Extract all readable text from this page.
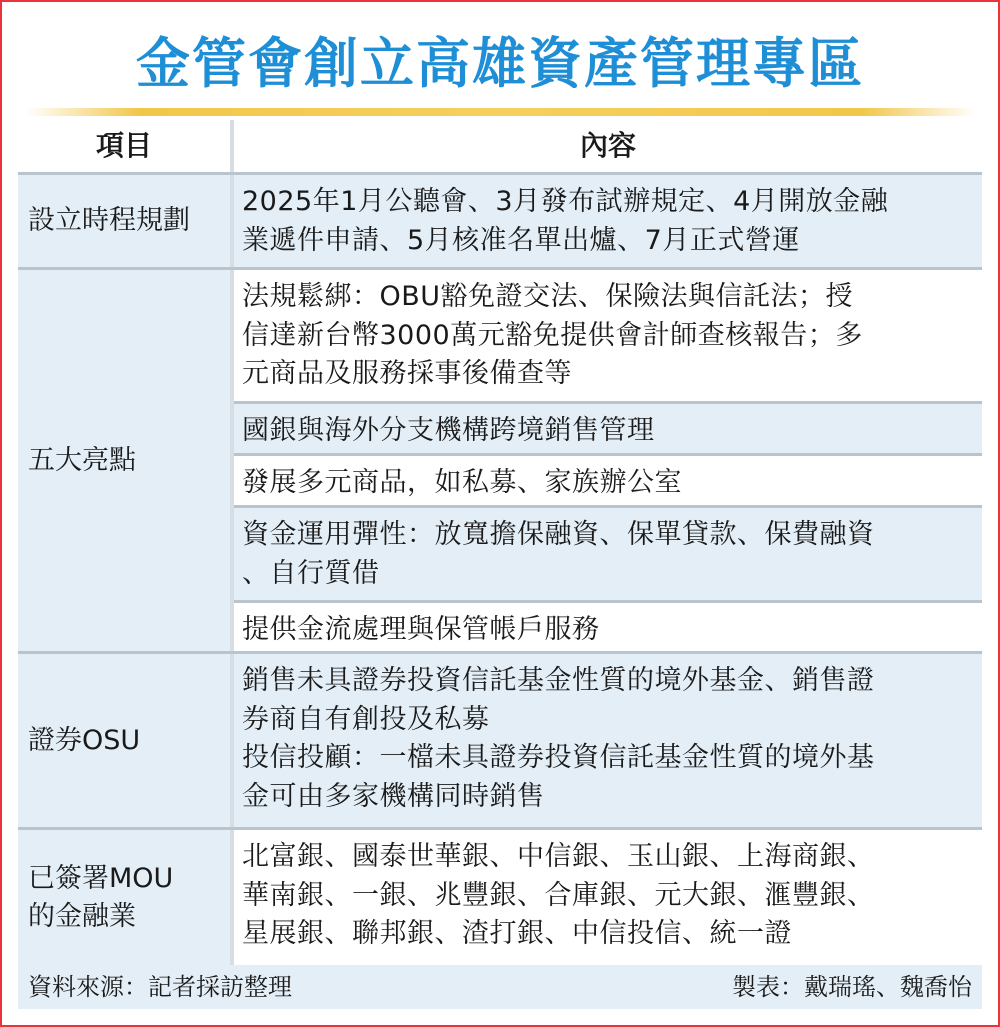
金管會創立高雄資產管理專區
項目	內容
設立時程規劃
2025年1月公聽會、3月發布試辦規定、4月開放金融
業遞件申請、5月核准名單出爐、7月正式營運
五大亮點
法規鬆綁：OBU豁免證交法、保險法與信託法；授
信達新台幣3000萬元豁免提供會計師查核報告；多
元商品及服務採事後備查等
國銀與海外分支機構跨境銷售管理
發展多元商品，如私募、家族辦公室
資金運用彈性：放寬擔保融資、保單貸款、保費融資
、自行質借
提供金流處理與保管帳戶服務
證券OSU
銷售未具證券投資信託基金性質的境外基金、銷售證
券商自有創投及私募
投信投顧：一檔未具證券投資信託基金性質的境外基
金可由多家機構同時銷售
已簽署MOU
的金融業
北富銀、國泰世華銀、中信銀、玉山銀、上海商銀、
華南銀、一銀、兆豐銀、合庫銀、元大銀、滙豐銀、
星展銀、聯邦銀、渣打銀、中信投信、統一證
資料來源：記者採訪整理	製表：戴瑞瑤、魏喬怡
